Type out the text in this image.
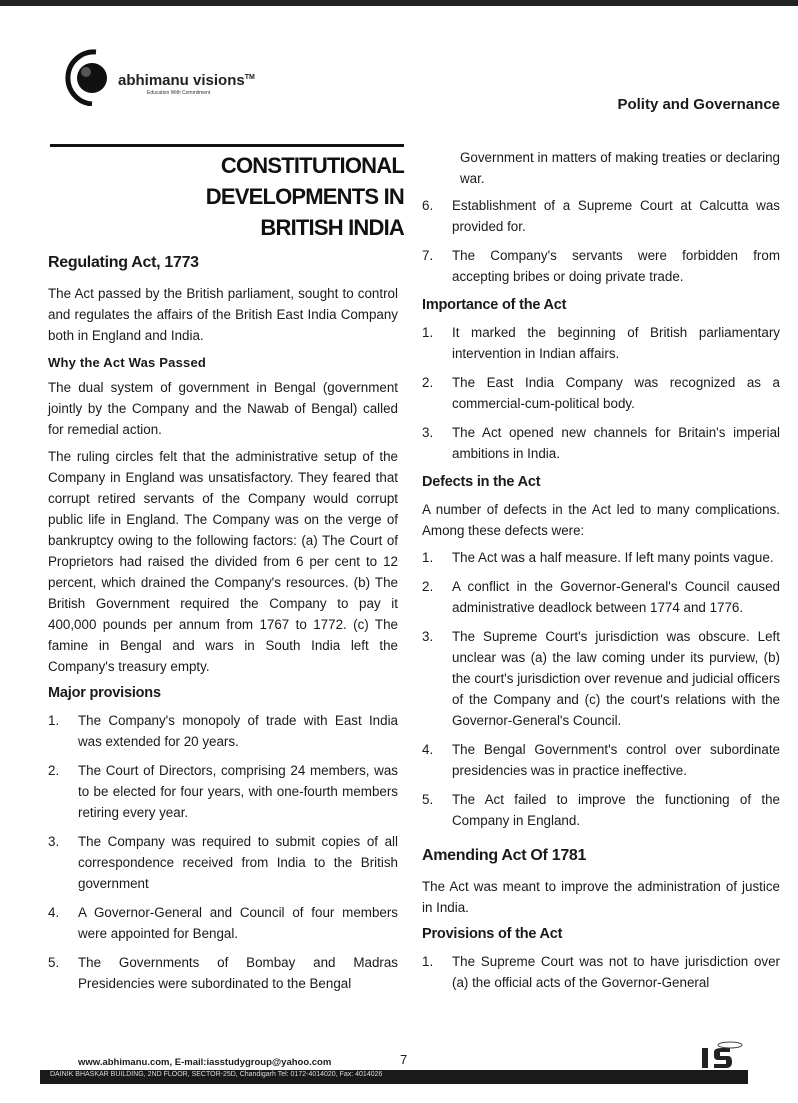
abhimanu visions™
Education With Commitment
Polity and Governance
CONSTITUTIONAL DEVELOPMENTS IN
BRITISH INDIA
Regulating Act, 1773

The Act passed by the British parliament, sought to control and regulates the affairs of the British East India Company both in England and India.

Why the Act Was Passed

The dual system of government in Bengal (government jointly by the Company and the Nawab of Bengal) called for remedial action.

The ruling circles felt that the administrative setup of the Company in England was unsatisfactory. They feared that corrupt retired servants of the Company would corrupt public life in England. The Company was on the verge of bankruptcy owing to the following factors: (a) The Court of Proprietors had raised the divided from 6 per cent to 12 percent, which drained the Company's resources. (b) The British Government required the Company to pay it 400,000 pounds per annum from 1767 to 1772. (c) The famine in Bengal and wars in South India left the Company's treasury empty.

Major provisions
1. The Company's monopoly of trade with East India was extended for 20 years.
2. The Court of Directors, comprising 24 members, was to be elected for four years, with one-fourth members retiring every year.
3. The Company was required to submit copies of all correspondence received from India to the British government
4. A Governor-General and Council of four members were appointed for Bengal.
5. The Governments of Bombay and Madras Presidencies were subordinated to the Bengal
Government in matters of making treaties or declaring war.
6. Establishment of a Supreme Court at Calcutta was provided for.
7. The Company's servants were forbidden from accepting bribes or doing private trade.
Importance of the Act
1. It marked the beginning of British parliamentary intervention in Indian affairs.
2. The East India Company was recognized as a commercial-cum-political body.
3. The Act opened new channels for Britain's imperial ambitions in India.
Defects in the Act

A number of defects in the Act led to many complications. Among these defects were:

1. The Act was a half measure. If left many points vague.
2. A conflict in the Governor-General's Council caused administrative deadlock between 1774 and 1776.
3. The Supreme Court's jurisdiction was obscure. Left unclear was (a) the law coming under its purview, (b) the court's jurisdiction over revenue and judicial officers of the Company and (c) the court's relations with the Governor-General's Council.
4. The Bengal Government's control over subordinate presidencies was in practice ineffective.
5. The Act failed to improve the functioning of the Company in England.
Amending Act Of 1781

The Act was meant to improve the administration of justice in India.

Provisions of the Act
1. The Supreme Court was not to have jurisdiction over (a) the official acts of the Governor-General
www.abhimanu.com, E-mail:iasstudygroup@yahoo.com	7
DAINIK BHASKAR BUILDING, 2ND FLOOR, SECTOR-25D, Chandigarh Tel: 0172-4014020, Fax: 4014026
